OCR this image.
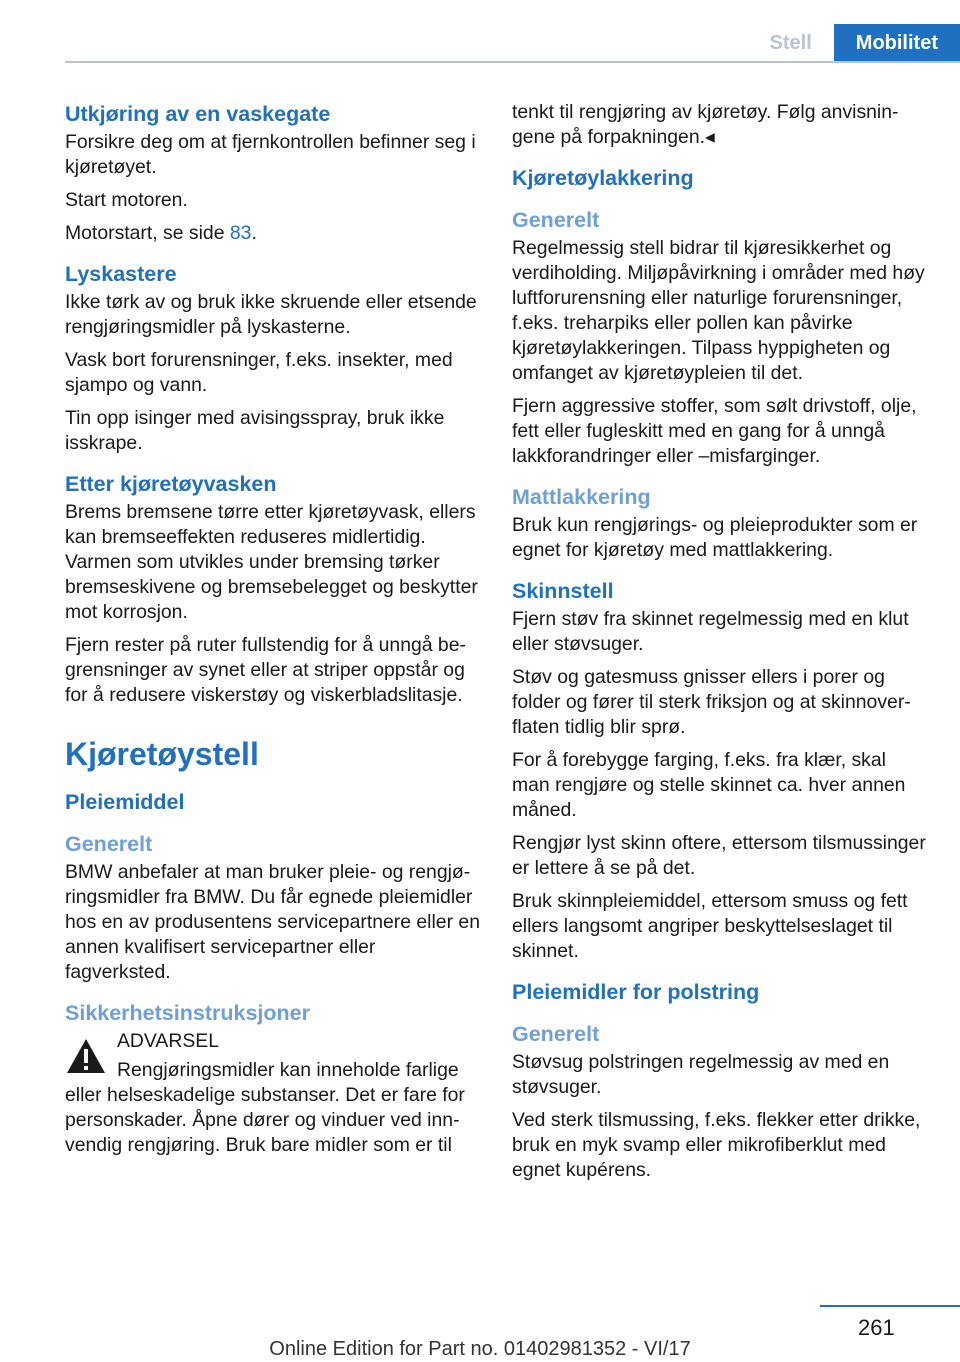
Stell	Mobilitet
Utkjøring av en vaskegate

Forsikre deg om at fjernkontrollen befinner seg i kjøretøyet.

Start motoren.

Motorstart, se side 83.

Lyskastere

Ikke tørk av og bruk ikke skruende eller etsende rengjøringsmidler på lyskasterne.

Vask bort forurensninger, f.eks. insekter, med sjampo og vann.

Tin opp isinger med avisingsspray, bruk ikke isskrape.

Etter kjøretøyvasken

Brems bremsene tørre etter kjøretøyvask, ellers kan bremseeffekten reduseres midlertidig. Varmen som utvikles under bremsing tørker bremseskivene og bremsebelegget og beskytter mot korrosjon.

Fjern rester på ruter fullstendig for å unngå begrensninger av synet eller at striper oppstår og for å redusere viskerstøy og viskerbladslitasje.

Kjøretøystell
Pleiemiddel
Generelt

BMW anbefaler at man bruker pleie- og rengjøringsmidler fra BMW. Du får egnede pleiemidler hos en av produsentens servicepartnere eller en annen kvalifisert servicepartner eller fagverksted.

Sikkerhetsinstruksjoner

ADVARSEL

Rengjøringsmidler kan inneholde farlige

eller helseskadelige substanser. Det er fare for personskader. Åpne dører og vinduer ved innvendig rengjøring. Bruk bare midler som er til

tenkt til rengjøring av kjøretøy. Følg anvisningene på forpakningen.◂

Kjøretøylakkering
Generelt

Regelmessig stell bidrar til kjøresikkerhet og verdiholding. Miljøpåvirkning i områder med høy luftforurensning eller naturlige forurensninger, f.eks. treharpiks eller pollen kan påvirke kjøretøylakkeringen. Tilpass hyppigheten og omfanget av kjøretøypleien til det.

Fjern aggressive stoffer, som sølt drivstoff, olje, fett eller fugleskitt med en gang for å unngå lakkforandringer eller –misfarginger.

Mattlakkering

Bruk kun rengjørings- og pleieprodukter som er egnet for kjøretøy med mattlakkering.

Skinnstell

Fjern støv fra skinnet regelmessig med en klut eller støvsuger.

Støv og gatesmuss gnisser ellers i porer og folder og fører til sterk friksjon og at skinnoverflaten tidlig blir sprø.

For å forebygge farging, f.eks. fra klær, skal man rengjøre og stelle skinnet ca. hver annen måned.

Rengjør lyst skinn oftere, ettersom tilsmussinger er lettere å se på det.

Bruk skinnpleiemiddel, ettersom smuss og fett ellers langsomt angriper beskyttelseslaget til skinnet.

Pleiemidler for polstring
Generelt

Støvsug polstringen regelmessig av med en støvsuger.

Ved sterk tilsmussing, f.eks. flekker etter drikke, bruk en myk svamp eller mikrofiberklut med egnet kupérens.

261
Online Edition for Part no. 01402981352 - VI/17
